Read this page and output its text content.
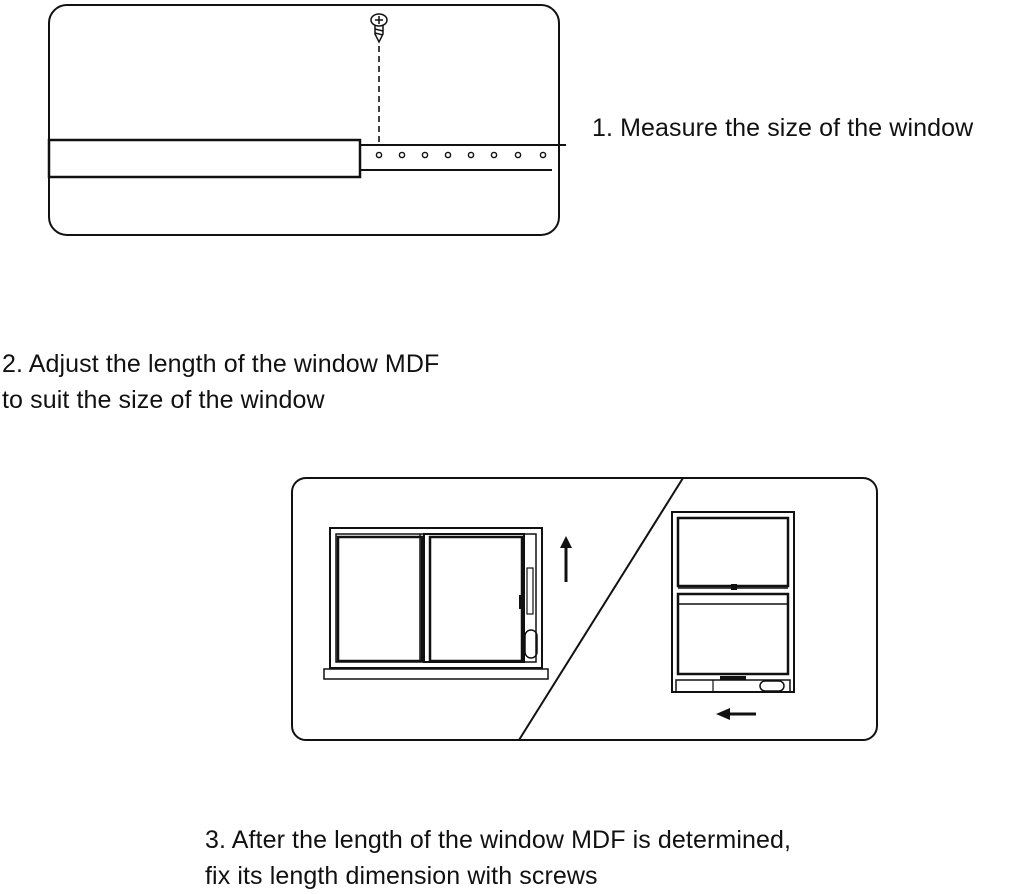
1. Measure the size of the window
2. Adjust the length of the window MDF
to suit the size of the window
3. After the length of the window MDF is determined,
fix its length dimension with screws
